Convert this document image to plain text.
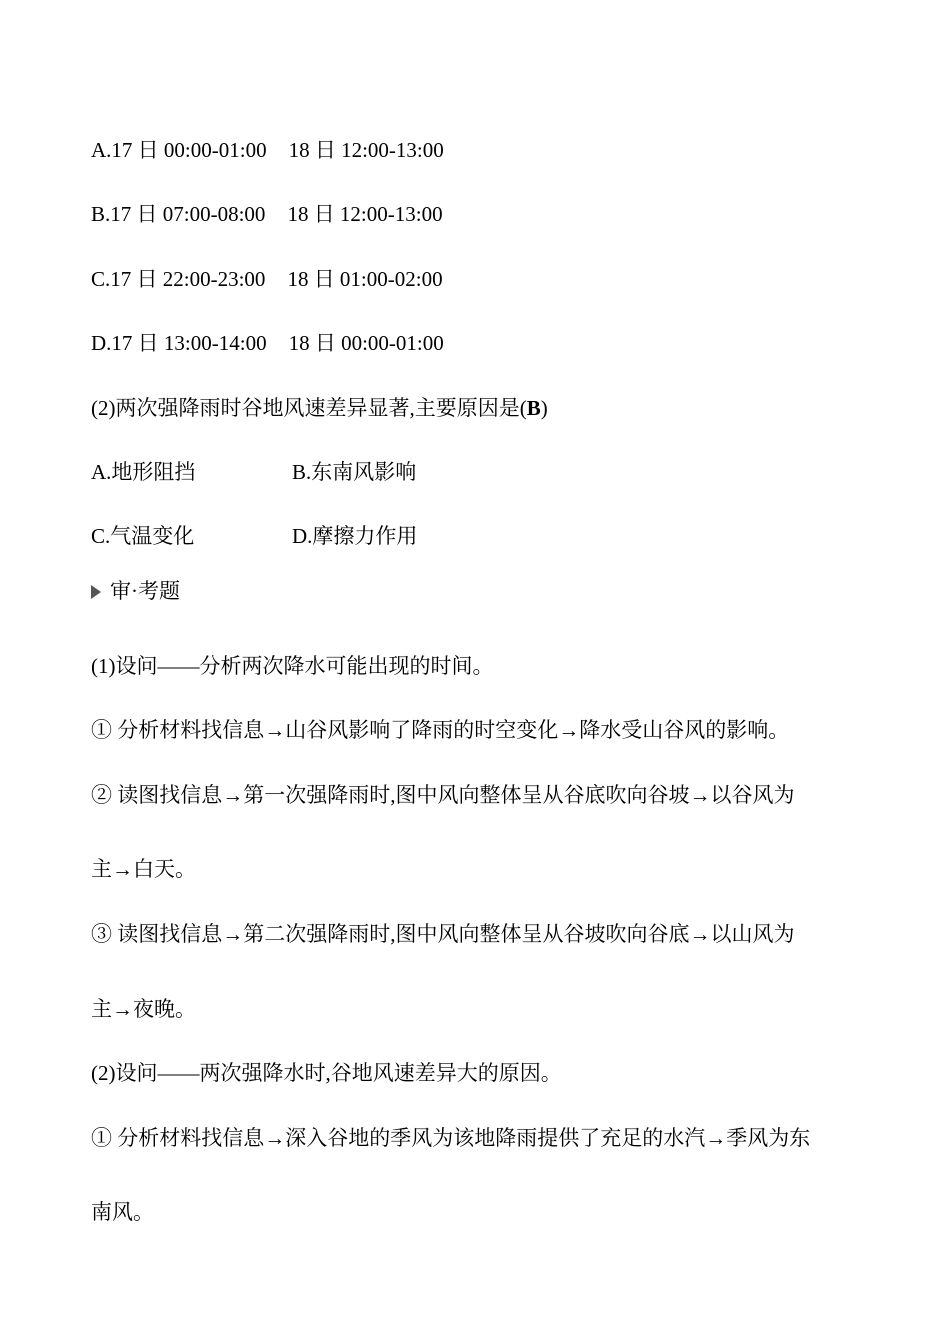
A.17 日 00:00-01:00 18 日 12:00-13:00
B.17 日 07:00-08:00 18 日 12:00-13:00
C.17 日 22:00-23:00 18 日 01:00-02:00
D.17 日 13:00-14:00 18 日 00:00-01:00
(2)两次强降雨时谷地风速差异显著,主要原因是(B)
A.地形阻挡	B.东南风影响
C.气温变化	D.摩擦力作用
审·考题
(1)设问——分析两次降水可能出现的时间。
① 分析材料找信息→山谷风影响了降雨的时空变化→降水受山谷风的影响。
② 读图找信息→第一次强降雨时,图中风向整体呈从谷底吹向谷坡→以谷风为
主→白天。
③ 读图找信息→第二次强降雨时,图中风向整体呈从谷坡吹向谷底→以山风为
主→夜晚。
(2)设问——两次强降水时,谷地风速差异大的原因。
① 分析材料找信息→深入谷地的季风为该地降雨提供了充足的水汽→季风为东
南风。
